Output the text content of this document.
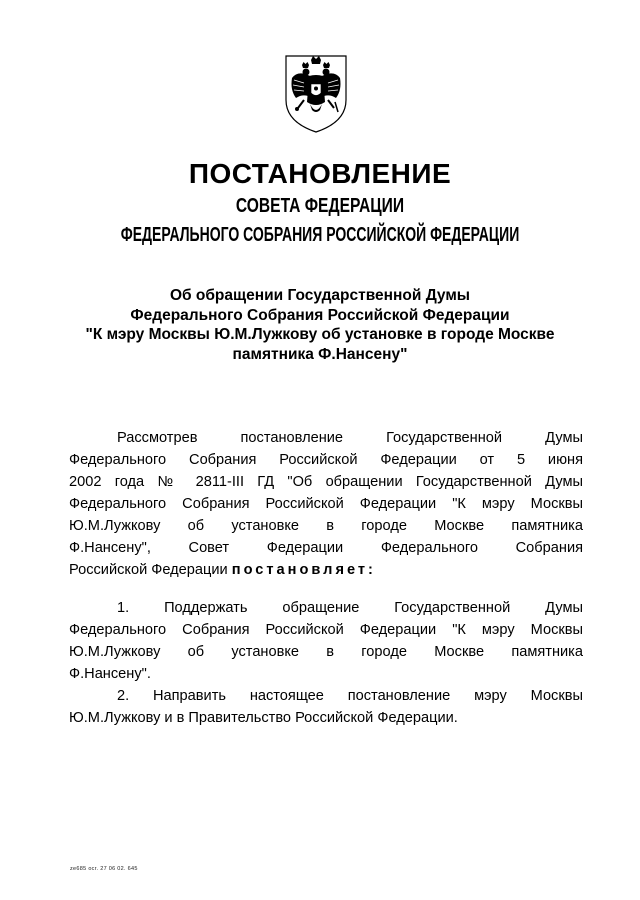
ПОСТАНОВЛЕНИЕ
СОВЕТА ФЕДЕРАЦИИ
ФЕДЕРАЛЬНОГО СОБРАНИЯ РОССИЙСКОЙ ФЕДЕРАЦИИ
Об обращении Государственной Думы
Федерального Собрания Российской Федерации
"К мэру Москвы Ю.М.Лужкову об установке в городе Москве
памятника Ф.Нансену"
Рассмотрев постановление Государственной Думы
Федерального Собрания Российской Федерации от 5 июня
2002 года № 2811-III ГД "Об обращении Государственной Думы
Федерального Собрания Российской Федерации "К мэру Москвы
Ю.М.Лужкову об установке в городе Москве памятника
Ф.Нансену", Совет Федерации Федерального Собрания
Российской Федерации постановляет:
1. Поддержать обращение Государственной Думы
Федерального Собрания Российской Федерации "К мэру Москвы
Ю.М.Лужкову об установке в городе Москве памятника
Ф.Нансену".
2. Направить настоящее постановление мэру Москвы
Ю.М.Лужкову и в Правительство Российской Федерации.
ze685 ocr. 27 06 02. 645
